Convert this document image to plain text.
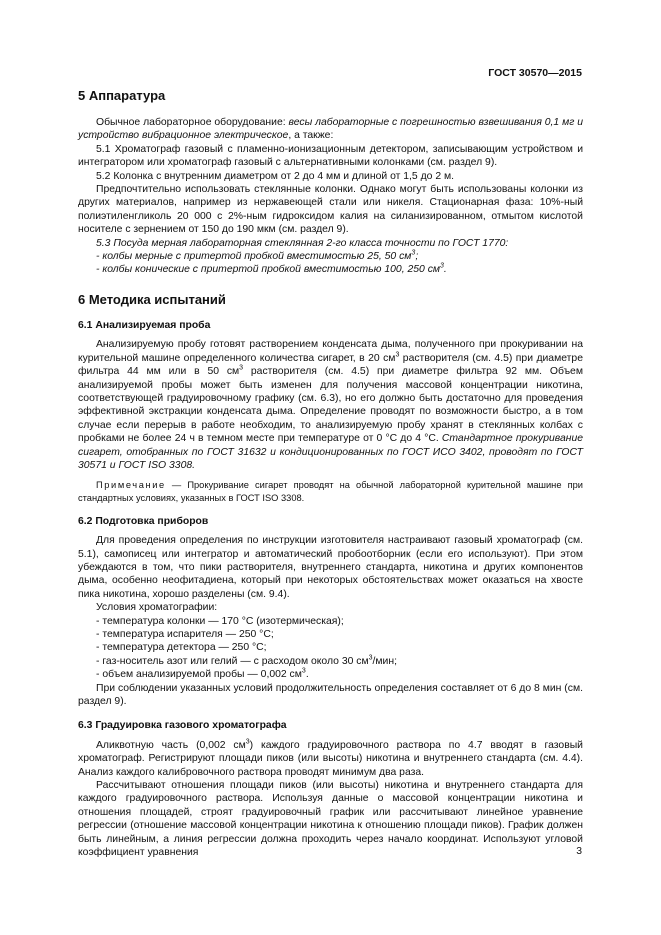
ГОСТ 30570—2015
5 Аппаратура

Обычное лабораторное оборудование: весы лабораторные с погрешностью взвешивания 0,1 мг и устройство вибрационное электрическое, а также:

5.1 Хроматограф газовый с пламенно-ионизационным детектором, записывающим устройством и интегратором или хроматограф газовый с альтернативными колонками (см. раздел 9).

5.2 Колонка с внутренним диаметром от 2 до 4 мм и длиной от 1,5 до 2 м.

Предпочтительно использовать стеклянные колонки. Однако могут быть использованы колонки из других материалов, например из нержавеющей стали или никеля. Стационарная фаза: 10%-ный полиэтиленгликоль 20 000 с 2%-ным гидроксидом калия на силанизированном, отмытом кислотой носителе с зернением от 150 до 190 мкм (см. раздел 9).

5.3 Посуда мерная лабораторная стеклянная 2-го класса точности по ГОСТ 1770:

- колбы мерные с притертой пробкой вместимостью 25, 50 $см^3$;

- колбы конические с притертой пробкой вместимостью 100, 250 $см^3$.

6 Методика испытаний
6.1 Анализируемая проба

Анализируемую пробу готовят растворением конденсата дыма, полученного при прокуривании на курительной машине определенного количества сигарет, в 20 $см^3$ растворителя (см. 4.5) при диаметре фильтра 44 мм или в 50 $см^3$ растворителя (см. 4.5) при диаметре фильтра 92 мм. Объем анализируемой пробы может быть изменен для получения массовой концентрации никотина, соответствующей градуировочному графику (см. 6.3), но его должно быть достаточно для проведения эффективной экстракции конденсата дыма. Определение проводят по возможности быстро, а в том случае если перерыв в работе необходим, то анализируемую пробу хранят в стеклянных колбах с пробками не более 24 ч в темном месте при температуре от 0 °С до 4 °С. Стандартное прокуривание сигарет, отобранных по ГОСТ 31632 и кондиционированных по ГОСТ ИСО 3402, проводят по ГОСТ 30571 и ГОСТ ISO 3308.

Примечание — Прокуривание сигарет проводят на обычной лабораторной курительной машине при стандартных условиях, указанных в ГОСТ ISO 3308.

6.2 Подготовка приборов

Для проведения определения по инструкции изготовителя настраивают газовый хроматограф (см. 5.1), самописец или интегратор и автоматический пробоотборник (если его используют). При этом убеждаются в том, что пики растворителя, внутреннего стандарта, никотина и других компонентов дыма, особенно неофитадиена, который при некоторых обстоятельствах может оказаться на хвосте пика никотина, хорошо разделены (см. 9.4).

Условия хроматографии:

- температура колонки — 170 °С (изотермическая);

- температура испарителя — 250 °С;

- температура детектора — 250 °С;

- газ-носитель азот или гелий — с расходом около 30 $см^3$/мин;

- объем анализируемой пробы — 0,002 $см^3$.

При соблюдении указанных условий продолжительность определения составляет от 6 до 8 мин (см. раздел 9).

6.3 Градуировка газового хроматографа

Аликвотную часть (0,002 $см^3$) каждого градуировочного раствора по 4.7 вводят в газовый хроматограф. Регистрируют площади пиков (или высоты) никотина и внутреннего стандарта (см. 4.4). Анализ каждого калибровочного раствора проводят минимум два раза.

Рассчитывают отношения площади пиков (или высоты) никотина и внутреннего стандарта для каждого градуировочного раствора. Используя данные о массовой концентрации никотина и отношения площадей, строят градуировочный график или рассчитывают линейное уравнение регрессии (отношение массовой концентрации никотина к отношению площади пиков). График должен быть линейным, а линия регрессии должна проходить через начало координат. Используют угловой коэффициент уравнения	3
